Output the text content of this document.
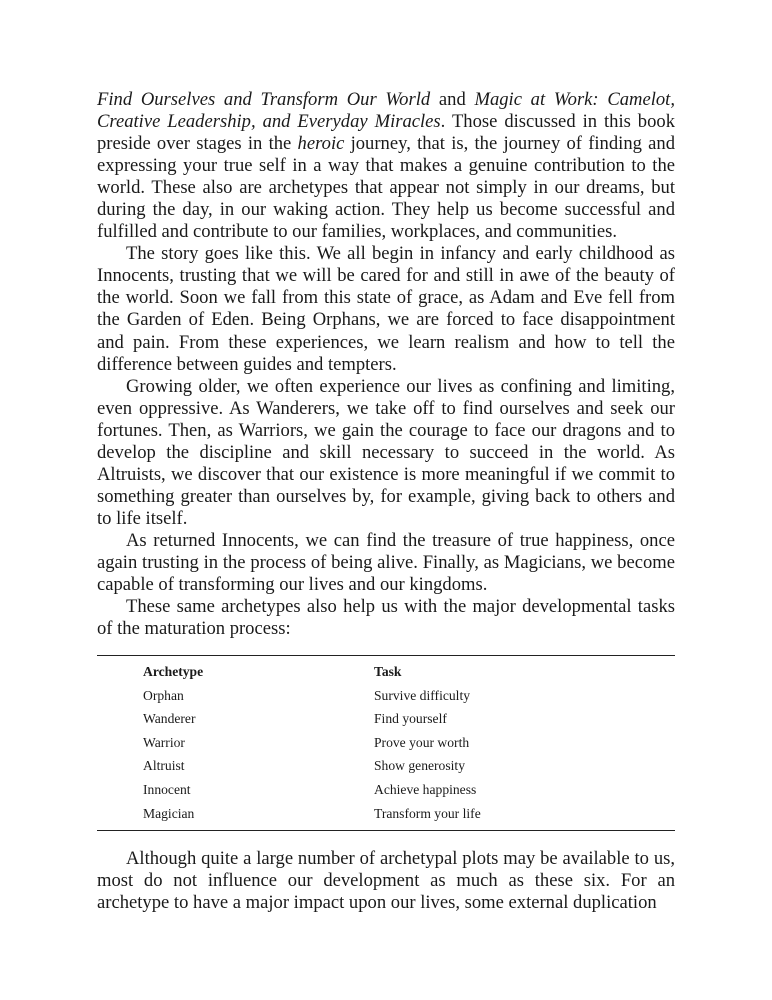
Find Ourselves and Transform Our World and Magic at Work: Camelot, Creative Leadership, and Everyday Miracles. Those discussed in this book preside over stages in the heroic journey, that is, the journey of finding and expressing your true self in a way that makes a genuine contribution to the world. These also are archetypes that appear not simply in our dreams, but during the day, in our waking action. They help us become successful and fulfilled and contribute to our families, workplaces, and communities.

The story goes like this. We all begin in infancy and early childhood as Innocents, trusting that we will be cared for and still in awe of the beauty of the world. Soon we fall from this state of grace, as Adam and Eve fell from the Garden of Eden. Being Orphans, we are forced to face disappointment and pain. From these experiences, we learn realism and how to tell the difference between guides and tempters.

Growing older, we often experience our lives as confining and limiting, even oppressive. As Wanderers, we take off to find ourselves and seek our fortunes. Then, as Warriors, we gain the courage to face our dragons and to develop the discipline and skill necessary to succeed in the world. As Altruists, we discover that our existence is more meaningful if we commit to something greater than ourselves by, for example, giving back to others and to life itself.

As returned Innocents, we can find the treasure of true happiness, once again trusting in the process of being alive. Finally, as Magicians, we become capable of transforming our lives and our kingdoms.

These same archetypes also help us with the major developmental tasks of the maturation process:

Archetype	Task
Orphan	Survive difficulty
Wanderer	Find yourself
Warrior	Prove your worth
Altruist	Show generosity
Innocent	Achieve happiness
Magician	Transform your life

Although quite a large number of archetypal plots may be available to us, most do not influence our development as much as these six. For an archetype to have a major impact upon our lives, some external duplication
